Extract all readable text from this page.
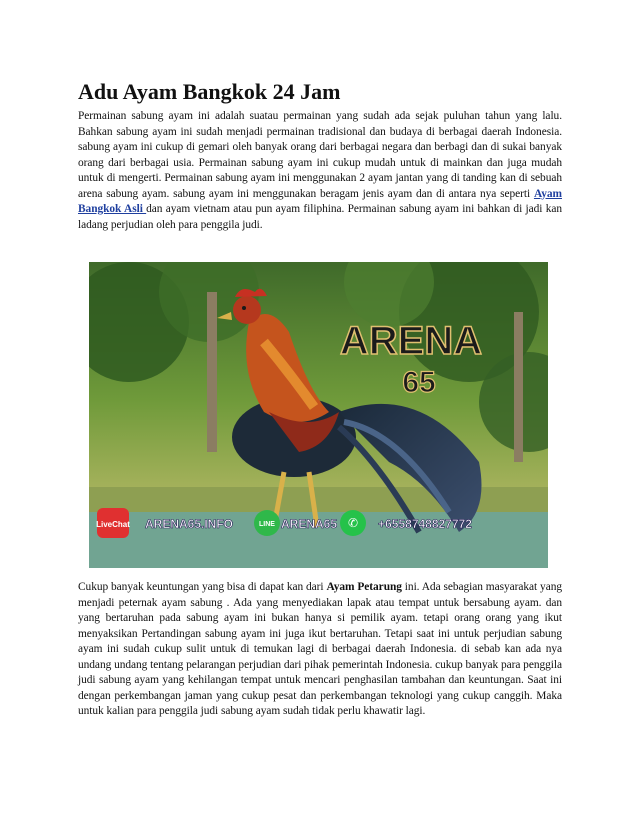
Adu Ayam Bangkok 24 Jam

Permainan sabung ayam ini adalah suatau permainan yang sudah ada sejak puluhan tahun yang lalu. Bahkan sabung ayam ini sudah menjadi permainan tradisional dan budaya di berbagai daerah Indonesia. sabung ayam ini cukup di gemari oleh banyak orang dari berbagai negara dan berbagi dan di sukai banyak orang dari berbagai usia. Permainan sabung ayam ini cukup mudah untuk di mainkan dan juga mudah untuk di mengerti. Permainan sabung ayam ini menggunakan 2 ayam jantan yang di tanding kan di sebuah arena sabung ayam. sabung ayam ini menggunakan beragam jenis ayam dan di antara nya seperti Ayam Bangkok Asli dan ayam vietnam atau pun ayam filiphina. Permainan sabung ayam ini bahkan di jadi kan ladang perjudian oleh para penggila judi.

ARENA
65
LiveChat ARENA65.INFO	LINE ARENA65 ✆ +6558748827772

Cukup banyak keuntungan yang bisa di dapat kan dari Ayam Petarung ini. Ada sebagian masyarakat yang menjadi peternak ayam sabung . Ada yang menyediakan lapak atau tempat untuk bersabung ayam. dan yang bertaruhan pada sabung ayam ini bukan hanya si pemilik ayam. tetapi orang orang yang ikut menyaksikan Pertandingan sabung ayam ini juga ikut bertaruhan. Tetapi saat ini untuk perjudian sabung ayam ini sudah cukup sulit untuk di temukan lagi di berbagai daerah Indonesia. di sebab kan ada nya undang undang tentang pelarangan perjudian dari pihak pemerintah Indonesia. cukup banyak para penggila judi sabung ayam yang kehilangan tempat untuk mencari penghasilan tambahan dan keuntungan. Saat ini dengan perkembangan jaman yang cukup pesat dan perkembangan teknologi yang cukup canggih. Maka untuk kalian para penggila judi sabung ayam sudah tidak perlu khawatir lagi.
